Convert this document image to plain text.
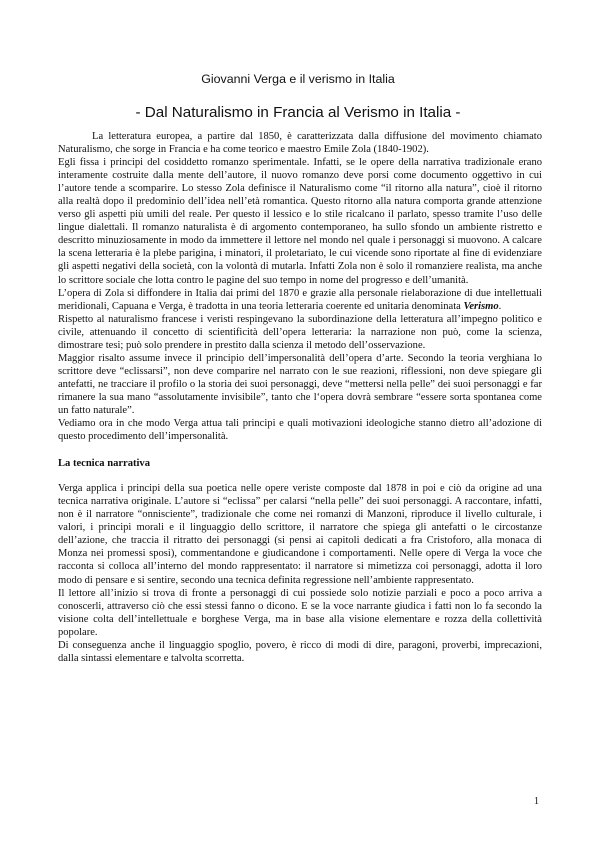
Giovanni Verga e il verismo in Italia
- Dal Naturalismo in Francia al Verismo in Italia -

La letteratura europea, a partire dal 1850, è caratterizzata dalla diffusione del movimento chiamato Naturalismo, che sorge in Francia e ha come teorico e maestro Emile Zola (1840-1902).

Egli fissa i principi del cosiddetto romanzo sperimentale. Infatti, se le opere della narrativa tradizionale erano interamente costruite dalla mente dell’autore, il nuovo romanzo deve porsi come documento oggettivo in cui l’autore tende a scomparire. Lo stesso Zola definisce il Naturalismo come “il ritorno alla natura”, cioè il ritorno alla realtà dopo il predominio dell’idea nell’età romantica. Questo ritorno alla natura comporta grande attenzione verso gli aspetti più umili del reale. Per questo il lessico e lo stile ricalcano il parlato, spesso tramite l’uso delle lingue dialettali. Il romanzo naturalista è di argomento contemporaneo, ha sullo sfondo un ambiente ristretto e descritto minuziosamente in modo da immettere il lettore nel mondo nel quale i personaggi si muovono. A calcare la scena letteraria è la plebe parigina, i minatori, il proletariato, le cui vicende sono riportate al fine di evidenziare gli aspetti negativi della società, con la volontà di mutarla. Infatti Zola non è solo il romanziere realista, ma anche lo scrittore sociale che lotta contro le pagine del suo tempo in nome del progresso e dell’umanità.

L’opera di Zola si diffondere in Italia dai primi del 1870 e grazie alla personale rielaborazione di due intellettuali meridionali, Capuana e Verga, è tradotta in una teoria letteraria coerente ed unitaria denominata Verismo.

Rispetto al naturalismo francese i veristi respingevano la subordinazione della letteratura all’impegno politico e civile, attenuando il concetto di scientificità dell’opera letteraria: la narrazione non può, come la scienza, dimostrare tesi; può solo prendere in prestito dalla scienza il metodo dell’osservazione.

Maggior risalto assume invece il principio dell’impersonalità dell’opera d’arte. Secondo la teoria verghiana lo scrittore deve “eclissarsi”, non deve comparire nel narrato con le sue reazioni, riflessioni, non deve spiegare gli antefatti, ne tracciare il profilo o la storia dei suoi personaggi, deve “mettersi nella pelle” dei suoi personaggi e far rimanere la sua mano “assolutamente invisibile”, tanto che l‘opera dovrà sembrare “essere sorta spontanea come un fatto naturale”.

Vediamo ora in che modo Verga attua tali principi e quali motivazioni ideologiche stanno dietro all’adozione di questo procedimento dell’impersonalità.

La tecnica narrativa

Verga applica i principi della sua poetica nelle opere veriste composte dal 1878 in poi e ciò da origine ad una tecnica narrativa originale. L’autore si “eclissa” per calarsi “nella pelle” dei suoi personaggi. A raccontare, infatti, non è il narratore “onnisciente”, tradizionale che come nei romanzi di Manzoni, riproduce il livello culturale, i valori, i principi morali e il linguaggio dello scrittore, il narratore che spiega gli antefatti o le circostanze dell’azione, che traccia il ritratto dei personaggi (si pensi ai capitoli dedicati a fra Cristoforo, alla monaca di Monza nei promessi sposi), commentandone e giudicandone i comportamenti. Nelle opere di Verga la voce che racconta si colloca all’interno del mondo rappresentato: il narratore si mimetizza coi personaggi, adotta il loro modo di pensare e si sentire, secondo una tecnica definita regressione nell’ambiente rappresentato.

Il lettore all’inizio si trova di fronte a personaggi di cui possiede solo notizie parziali e poco a poco arriva a conoscerli, attraverso ciò che essi stessi fanno o dicono. E se la voce narrante giudica i fatti non lo fa secondo la visione colta dell’intellettuale e borghese Verga, ma in base alla visione elementare e rozza della collettività popolare.

Di conseguenza anche il linguaggio spoglio, povero, è ricco di modi di dire, paragoni, proverbi, imprecazioni, dalla sintassi elementare e talvolta scorretta.

1
